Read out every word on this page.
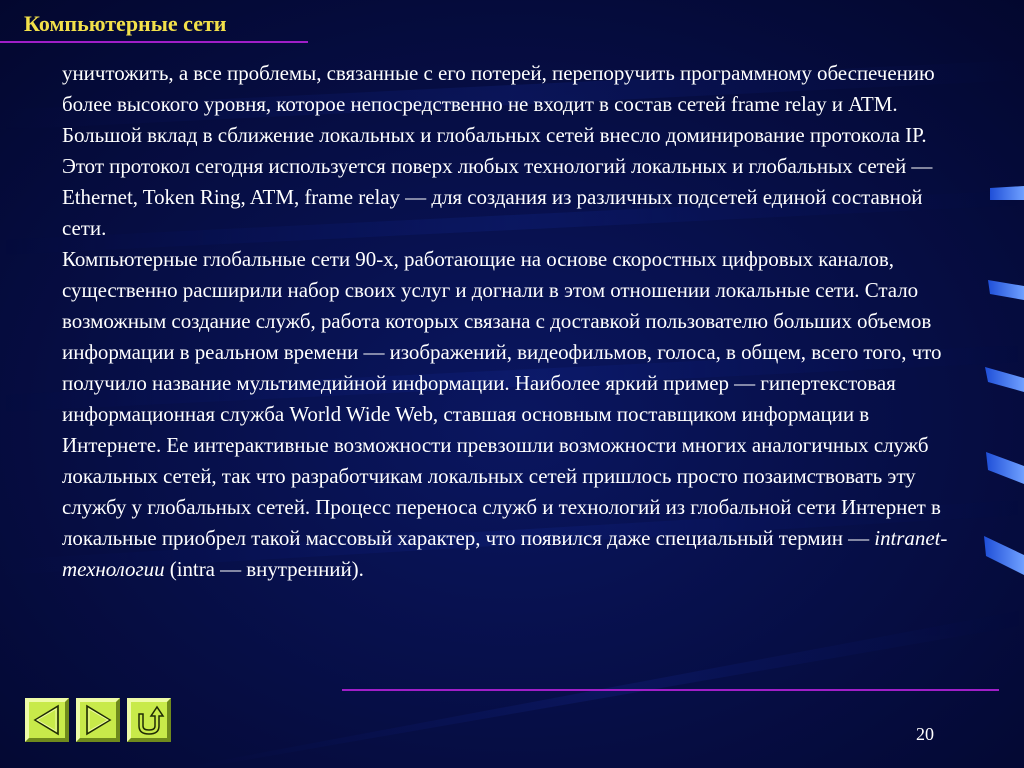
Компьютерные сети

уничтожить, а все проблемы, связанные с его потерей, перепоручить программному обеспечению более высокого уровня, которое непосредственно не входит в состав сетей frame relay и ATM. Большой вклад в сближение локальных и глобальных сетей внесло доминирование протокола IP.

Этот протокол сегодня используется поверх любых технологий локальных и глобальных сетей — Ethernet, Token Ring, ATM, frame relay — для создания из различных подсетей единой составной сети.

Компьютерные глобальные сети 90-х, работающие на основе скоростных цифровых каналов, существенно расширили набор своих услуг и догнали в этом отношении локальные сети. Стало возможным создание служб, работа которых связана с доставкой пользователю больших объемов информации в реальном времени — изображений, видеофильмов, голоса, в общем, всего того, что получило название мультимедийной информации. Наиболее яркий пример — гипертекстовая информационная служба World Wide Web, ставшая основным поставщиком информации в Интернете. Ее интерактивные возможности превзошли возможности многих аналогичных служб локальных сетей, так что разработчикам локальных сетей пришлось просто позаимствовать эту службу у глобальных сетей. Процесс переноса служб и технологий из глобальной сети Интернет в локальные приобрел такой массовый характер, что появился даже специальный термин — intranet-технологии (intra — внутренний).

20
